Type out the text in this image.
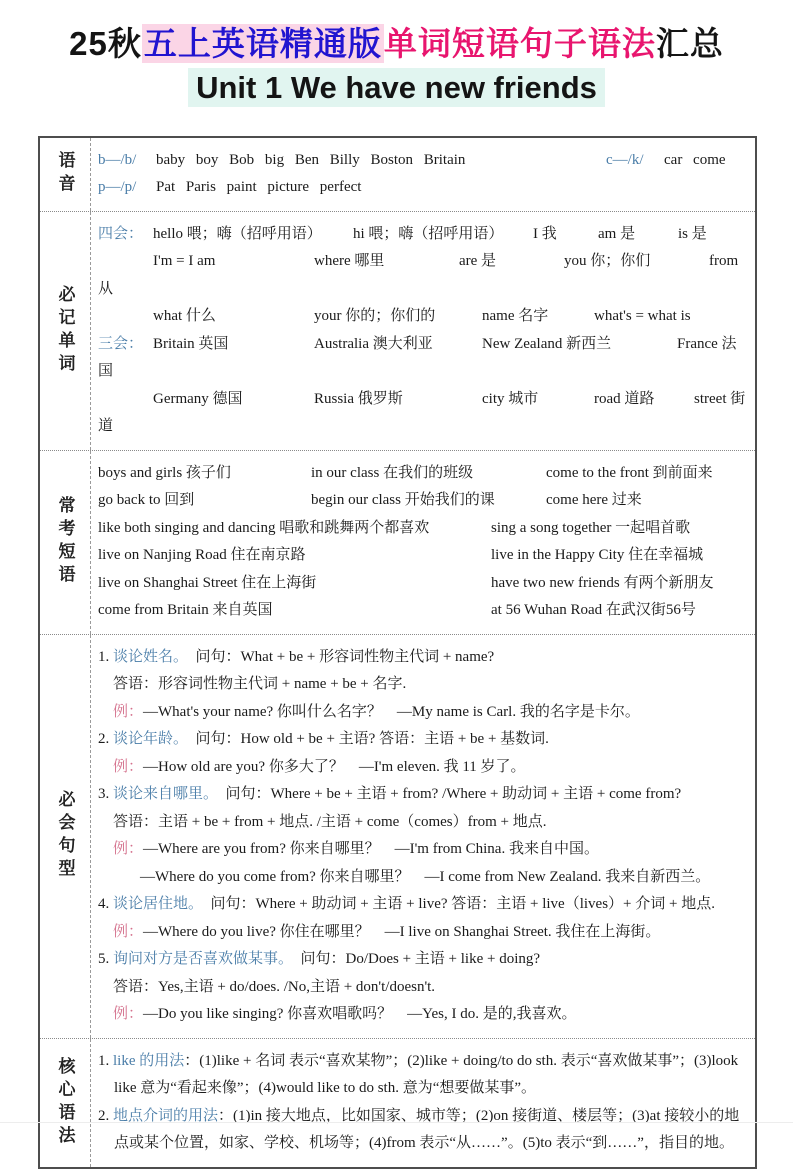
25秋五上英语精通版单词短语句子语法汇总
Unit 1 We have new friends
语音 b—/b/ baby boy Bob big Ben Billy Boston Britain	c—/k/ car come
p—/p/ Pat Paris paint picture perfect
必记单词
四会： hello 喂；嗨（招呼用语） hi 喂；嗨（招呼用语） I 我	am 是	is 是
I'm = I am	where 哪里	are 是	you 你；你们	from 从
what 什么	your 你的；你们的	name 名字	what's = what is
三会： Britain 英国	Australia 澳大利亚	New Zealand 新西兰	France 法国
Germany 德国	Russia 俄罗斯	city 城市	road 道路	street 街道
常考短语
boys and girls 孩子们	in our class 在我们的班级	come to the front 到前面来
go back to 回到	begin our class 开始我们的课	come here 过来
like both singing and dancing 唱歌和跳舞两个都喜欢	sing a song together 一起唱首歌
live on Nanjing Road 住在南京路	live in the Happy City 住在幸福城
live on Shanghai Street 住在上海街	have two new friends 有两个新朋友
come from Britain 来自英国	at 56 Wuhan Road 在武汉街56号
必会句型
1. 谈论姓名。　问句：What + be + 形容词性物主代词 + name?
答语：形容词性物主代词 + name + be + 名字.
例：—What's your name? 你叫什么名字？　—My name is Carl. 我的名字是卡尔。
2. 谈论年龄。　问句：How old + be + 主语? 答语：主语 + be + 基数词.
例：—How old are you? 你多大了？　—I'm eleven. 我 11 岁了。
3. 谈论来自哪里。　问句：Where + be + 主语 + from? /Where + 助动词 + 主语 + come from?
答语：主语 + be + from + 地点. /主语 + come（comes）from + 地点.
例：—Where are you from? 你来自哪里？　—I'm from China. 我来自中国。
—Where do you come from? 你来自哪里？　—I come from New Zealand. 我来自新西兰。
4. 谈论居住地。　问句：Where + 助动词 + 主语 + live? 答语：主语 + live（lives）+ 介词 + 地点.
例：—Where do you live? 你住在哪里？　—I live on Shanghai Street. 我住在上海街。
5. 询问对方是否喜欢做某事。　问句：Do/Does + 主语 + like + doing?
答语：Yes,主语 + do/does. /No,主语 + don't/doesn't.
例：—Do you like singing? 你喜欢唱歌吗？　—Yes, I do. 是的,我喜欢。
核心语法 1. like 的用法：(1)like + 名词 表示“喜欢某物”；(2)like + doing/to do sth. 表示“喜欢做某事”；(3)look like 意为“看起来像”；(4)would like to do sth. 意为“想要做某事”。
2. 地点介词的用法：(1)in 接大地点，比如国家、城市等；(2)on 接街道、楼层等；(3)at 接较小的地点或某个位置，如家、学校、机场等；(4)from 表示“从……”。(5)to 表示“到……”，指目的地。
